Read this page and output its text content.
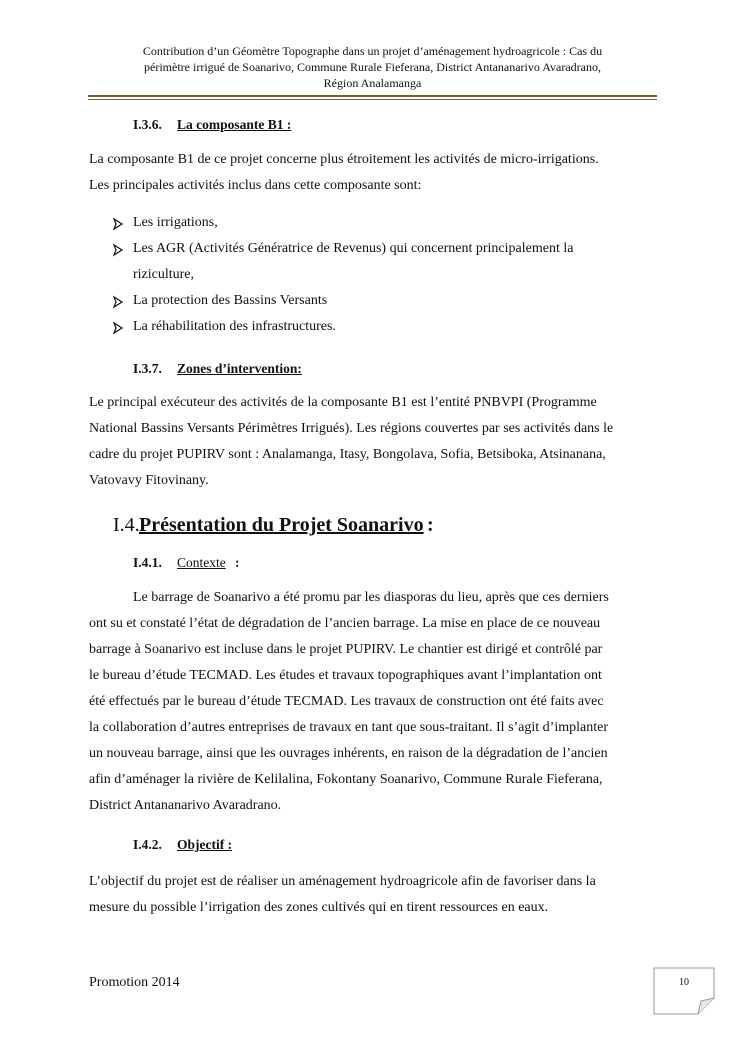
Contribution d’un Géomètre Topographe dans un projet d’aménagement hydroagricole : Cas du
périmètre irrigué de Soanarivo, Commune Rurale Fieferana, District Antananarivo Avaradrano,
Région Analamanga
I.3.6. La composante B1 :
La composante B1 de ce projet concerne plus étroitement les activités de micro-irrigations.
Les principales activités inclus dans cette composante sont:
Les irrigations,
Les AGR (Activités Génératrice de Revenus) qui concernent principalement la
riziculture,
La protection des Bassins Versants
La réhabilitation des infrastructures.
I.3.7. Zones d’intervention:
Le principal exécuteur des activités de la composante B1 est l’entité PNBVPI (Programme
National Bassins Versants Périmètres Irrigués). Les régions couvertes par ses activités dans le
cadre du projet PUPIRV sont : Analamanga, Itasy, Bongolava, Sofia, Betsiboka, Atsinanana,
Vatovavy Fitovinany.
I.4. Présentation du Projet Soanarivo :
I.4.1. Contexte :
Le barrage de Soanarivo a été promu par les diasporas du lieu, après que ces derniers
ont su et constaté l’état de dégradation de l’ancien barrage. La mise en place de ce nouveau
barrage à Soanarivo est incluse dans le projet PUPIRV. Le chantier est dirigé et contrôlé par
le bureau d’étude TECMAD. Les études et travaux topographiques avant l’implantation ont
été effectués par le bureau d’étude TECMAD. Les travaux de construction ont été faits avec
la collaboration d’autres entreprises de travaux en tant que sous-traitant. Il s’agit d’implanter
un nouveau barrage, ainsi que les ouvrages inhérents, en raison de la dégradation de l’ancien
afin d’aménager la rivière de Kelilalina, Fokontany Soanarivo, Commune Rurale Fieferana,
District Antananarivo Avaradrano.
I.4.2. Objectif :
L’objectif du projet est de réaliser un aménagement hydroagricole afin de favoriser dans la
mesure du possible l’irrigation des zones cultivés qui en tirent ressources en eaux.
Promotion 2014	10
